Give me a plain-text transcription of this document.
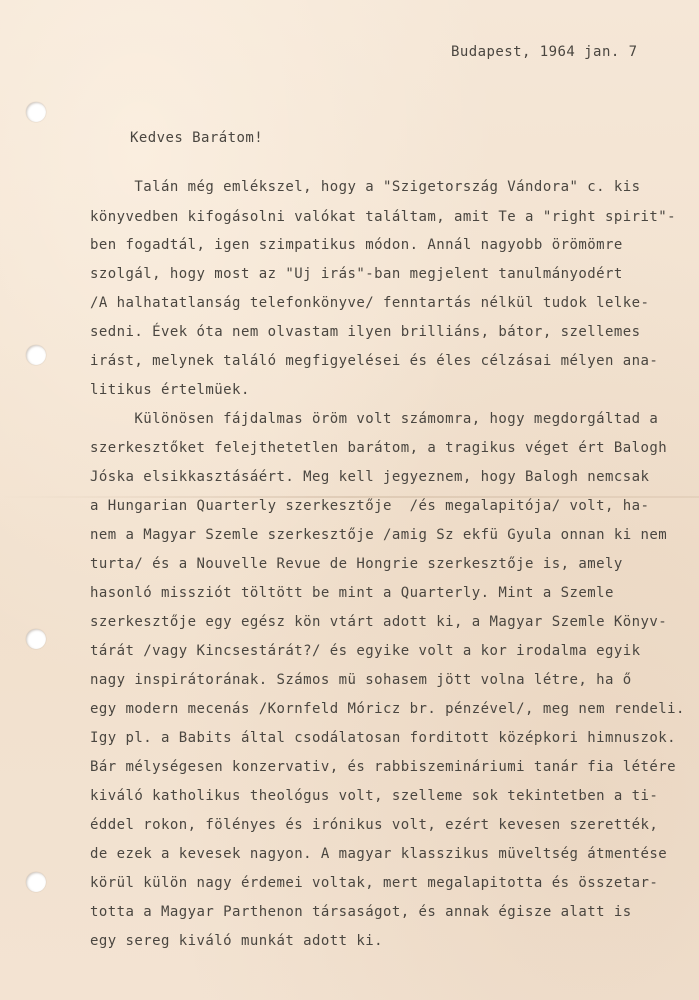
Budapest, 1964 jan. 7
Kedves Barátom!
Talán még emlékszel, hogy a "Szigetország Vándora" c. kis
könyvedben kifogásolni valókat találtam, amit Te a "right spirit"-
ben fogadtál, igen szimpatikus módon. Annál nagyobb örömömre
szolgál, hogy most az "Uj irás"-ban megjelent tanulmányodért
/A halhatatlanság telefonkönyve/ fenntartás nélkül tudok lelke-
sedni. Évek óta nem olvastam ilyen brilliáns, bátor, szellemes
irást, melynek találó megfigyelései és éles célzásai mélyen ana-
litikus értelmüek.
Különösen fájdalmas öröm volt számomra, hogy megdorgáltad a
szerkesztőket felejthetetlen barátom, a tragikus véget ért Balogh
Jóska elsikkasztásáért. Meg kell jegyeznem, hogy Balogh nemcsak
a Hungarian Quarterly szerkesztője  /és megalapitója/ volt, ha-
nem a Magyar Szemle szerkesztője /amig Sz ekfü Gyula onnan ki nem
turta/ és a Nouvelle Revue de Hongrie szerkesztője is, amely
hasonló missziót töltött be mint a Quarterly. Mint a Szemle
szerkesztője egy egész kön vtárt adott ki, a Magyar Szemle Könyv-
tárát /vagy Kincsestárát?/ és egyike volt a kor irodalma egyik
nagy inspirátorának. Számos mü sohasem jött volna létre, ha ő
egy modern mecenás /Kornfeld Móricz br. pénzével/, meg nem rendeli.
Igy pl. a Babits által csodálatosan forditott középkori himnuszok.
Bár mélységesen konzervativ, és rabbiszemináriumi tanár fia létére
kiváló katholikus theológus volt, szelleme sok tekintetben a ti-
éddel rokon, fölényes és irónikus volt, ezért kevesen szerették,
de ezek a kevesek nagyon. A magyar klasszikus müveltség átmentése
körül külön nagy érdemei voltak, mert megalapitotta és összetar-
totta a Magyar Parthenon társaságot, és annak égisze alatt is
egy sereg kiváló munkát adott ki.
